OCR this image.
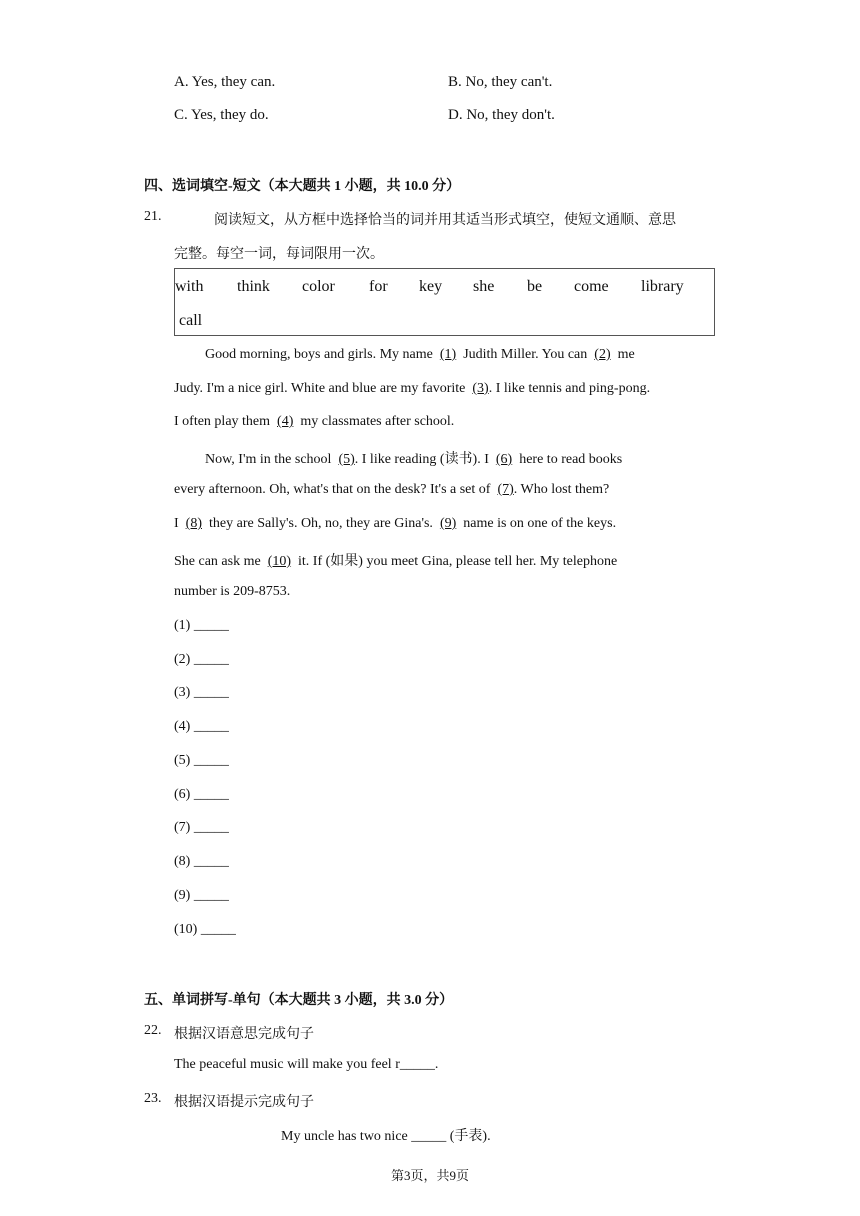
A. Yes, they can.	B. No, they can't.
C. Yes, they do.	D. No, they don't.
四、选词填空-短文（本大题共 1 小题，共 10.0 分）
21.	阅读短文，从方框中选择恰当的词并用其适当形式填空，使短文通顺、意思
完整。每空一词，每词限用一次。
with think color for key she be come library
call
Good morning, boys and girls. My name (1) Judith Miller. You can (2) me
Judy. I'm a nice girl. White and blue are my favorite (3). I like tennis and ping-pong.
I often play them (4) my classmates after school.
Now, I'm in the school (5). I like reading (读书). I (6) here to read books
every afternoon. Oh, what's that on the desk? It's a set of (7). Who lost them?
I (8) they are Sally's. Oh, no, they are Gina's. (9) name is on one of the keys.
She can ask me (10) it. If (如果) you meet Gina, please tell her. My telephone
number is 209-8753.
(1) _____
(2) _____
(3) _____
(4) _____
(5) _____
(6) _____
(7) _____
(8) _____
(9) _____
(10) _____
五、单词拼写-单句（本大题共 3 小题，共 3.0 分）
22. 根据汉语意思完成句子
The peaceful music will make you feel r_____.
23. 根据汉语提示完成句子
My uncle has two nice _____ (手表).
第3页，共9页
